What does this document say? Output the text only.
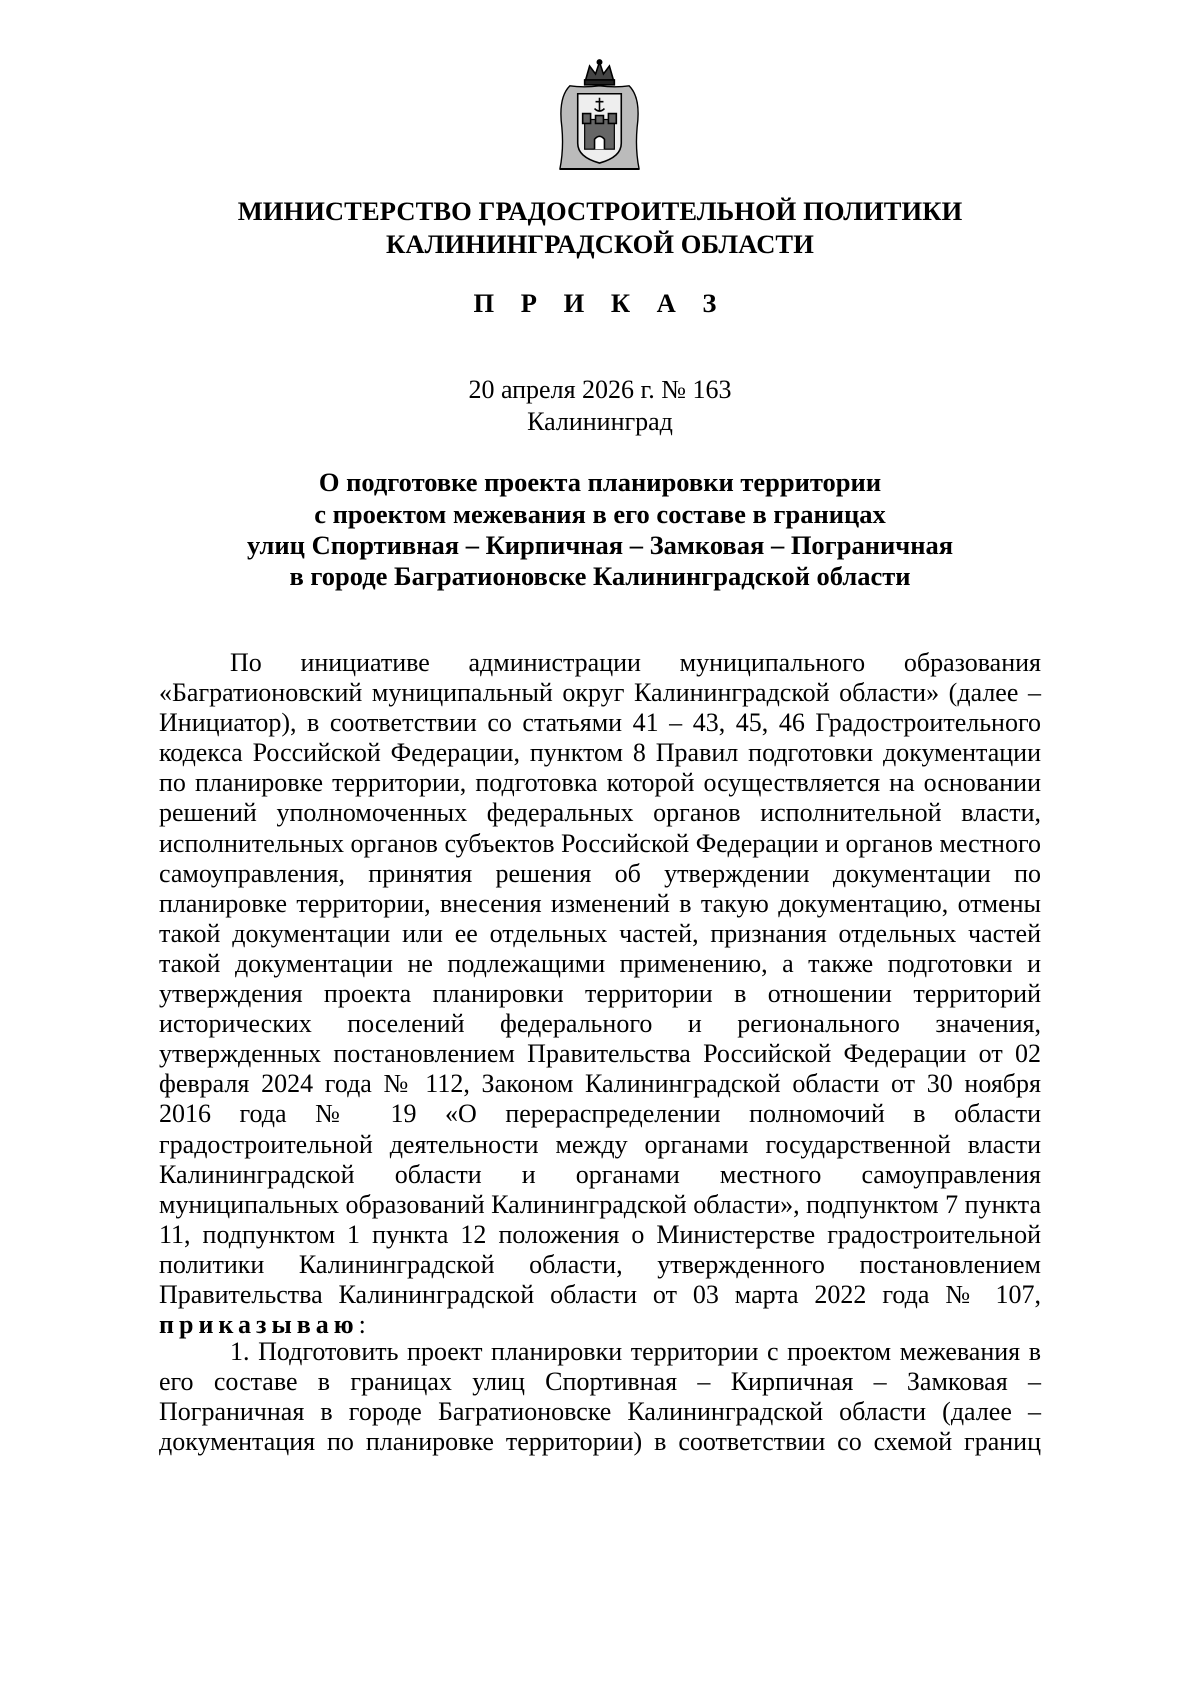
МИНИСТЕРСТВО ГРАДОСТРОИТЕЛЬНОЙ ПОЛИТИКИ
КАЛИНИНГРАДСКОЙ ОБЛАСТИ
П Р И К А З
20 апреля 2026 г. № 163
Калининград
О подготовке проекта планировки территории
с проектом межевания в его составе в границах
улиц Спортивная – Кирпичная – Замковая – Пограничная
в городе Багратионовске Калининградской области

По инициативе администрации муниципального образования «Багратионовский муниципальный округ Калининградской области» (далее – Инициатор), в соответствии со статьями 41 – 43, 45, 46 Градостроительного кодекса Российской Федерации, пунктом 8 Правил подготовки документации по планировке территории, подготовка которой осуществляется на основании решений уполномоченных федеральных органов исполнительной власти, исполнительных органов субъектов Российской Федерации и органов местного самоуправления, принятия решения об утверждении документации по планировке территории, внесения изменений в такую документацию, отмены такой документации или ее отдельных частей, признания отдельных частей такой документации не подлежащими применению, а также подготовки и утверждения проекта планировки территории в отношении территорий исторических поселений федерального и регионального значения, утвержденных постановлением Правительства Российской Федерации от 02 февраля 2024 года № 112, Законом Калининградской области от 30 ноября 2016 года № 19 «О перераспределении полномочий в области градостроительной деятельности между органами государственной власти Калининградской области и органами местного самоуправления муниципальных образований Калининградской области», подпунктом 7 пункта 11, подпунктом 1 пункта 12 положения о Министерстве градостроительной политики Калининградской области, утвержденного постановлением Правительства Калининградской области от 03 марта 2022 года № 107, приказываю:

1. Подготовить проект планировки территории с проектом межевания в его составе в границах улиц Спортивная – Кирпичная – Замковая – Пограничная в городе Багратионовске Калининградской области (далее – документация по планировке территории) в соответствии со схемой границ
